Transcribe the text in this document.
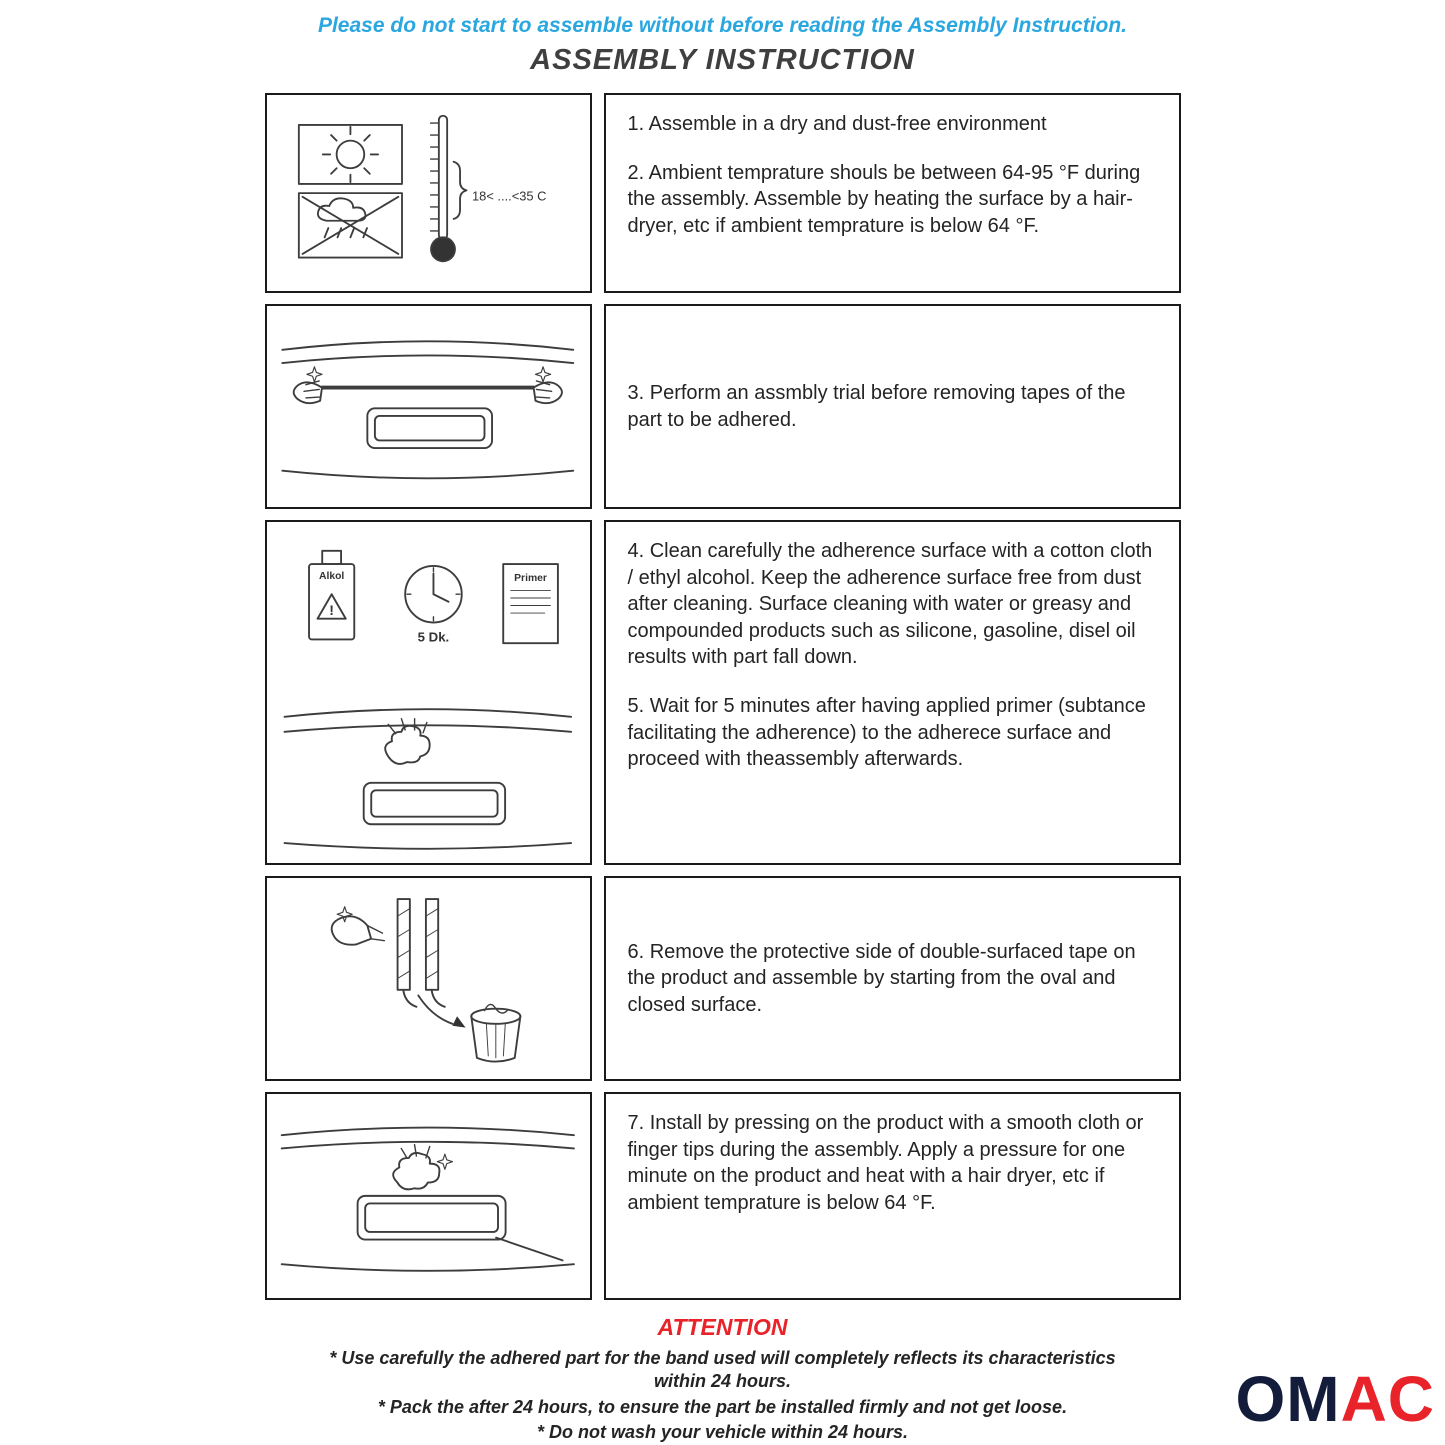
Please do not start to assemble without before reading the Assembly Instruction.
ASSEMBLY INSTRUCTION
18< ....<35 C

1. Assemble in a dry and dust-free environment

2. Ambient temprature shouls be between 64-95 °F during the assembly. Assemble by heating the surface by a hair-dryer, etc if ambient temprature is below 64 °F.

3. Perform an assmbly trial before removing tapes of the part to be adhered.

Alkol
!
5 Dk.
Primer

4. Clean carefully the adherence surface with a cotton cloth / ethyl alcohol. Keep the adherence surface free from dust after cleaning. Surface cleaning with water or greasy and compounded products such as silicone, gasoline, disel oil results with part fall down.

5. Wait for 5 minutes after having applied primer (subtance facilitating the adherence) to the adherece surface and proceed with theassembly afterwards.

6. Remove the protective side of double-surfaced tape on the product and assemble by starting from the oval and closed surface.

7. Install by pressing on the product with a smooth cloth or finger tips during the assembly. Apply a pressure for one minute on the product and heat with a hair dryer, etc if ambient temprature is below 64 °F.

ATTENTION
* Use carefully the adhered part for the band used will completely reflects its characteristics within 24 hours.
* Pack the after 24 hours, to ensure the part be installed firmly and not get loose.
* Do not wash your vehicle within 24 hours.	OMAC
